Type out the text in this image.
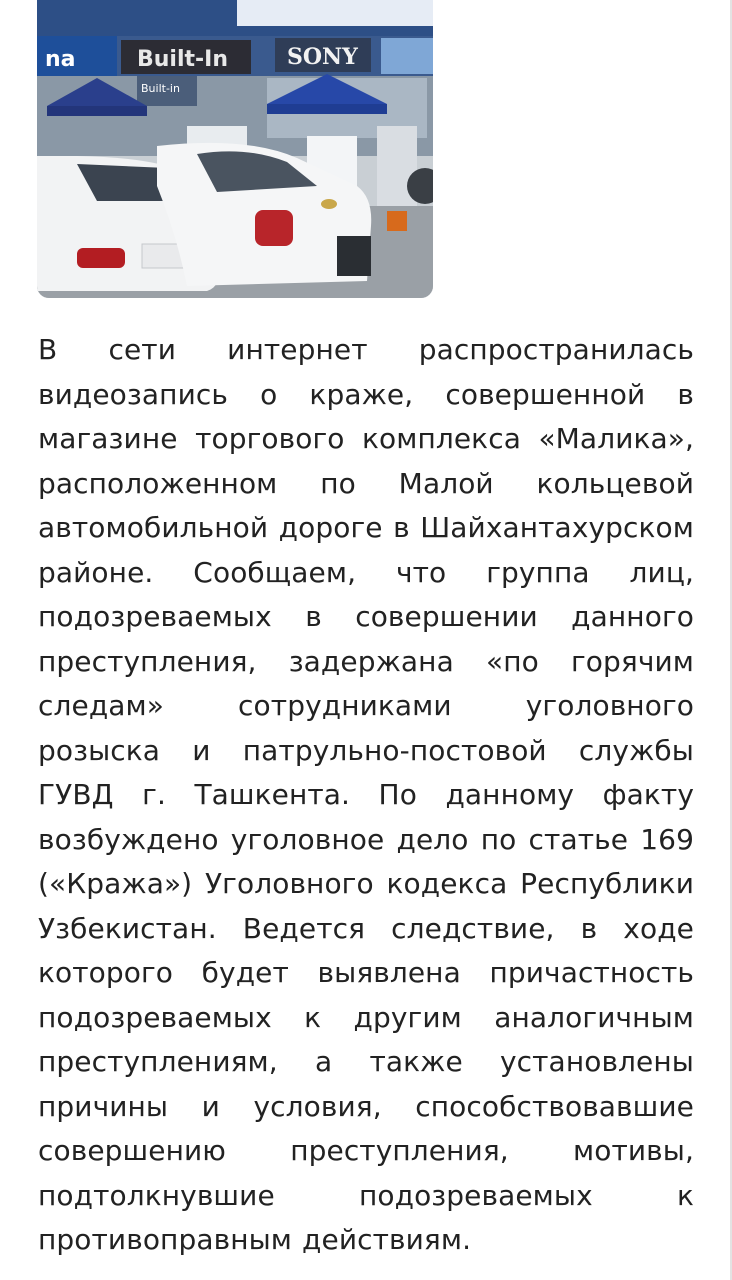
na	Built-In	SONY
Built-in

В сети интернет распространилась видеозапись о краже, совершенной в магазине торгового комплекса «Малика», расположенном по Малой кольцевой автомобильной дороге в Шайхантахурском районе. Сообщаем, что группа лиц, подозреваемых в совершении данного преступления, задержана «по горячим следам» сотрудниками уголовного розыска и патрульно-постовой службы ГУВД г. Ташкента. По данному факту возбуждено уголовное дело по статье 169 («Кража») Уголовного кодекса Республики Узбекистан. Ведется следствие, в ходе которого будет выявлена причастность подозреваемых к другим аналогичным преступлениям, а также установлены причины и условия, способствовавшие совершению преступления, мотивы, подтолкнувшие подозреваемых к противоправным действиям.
